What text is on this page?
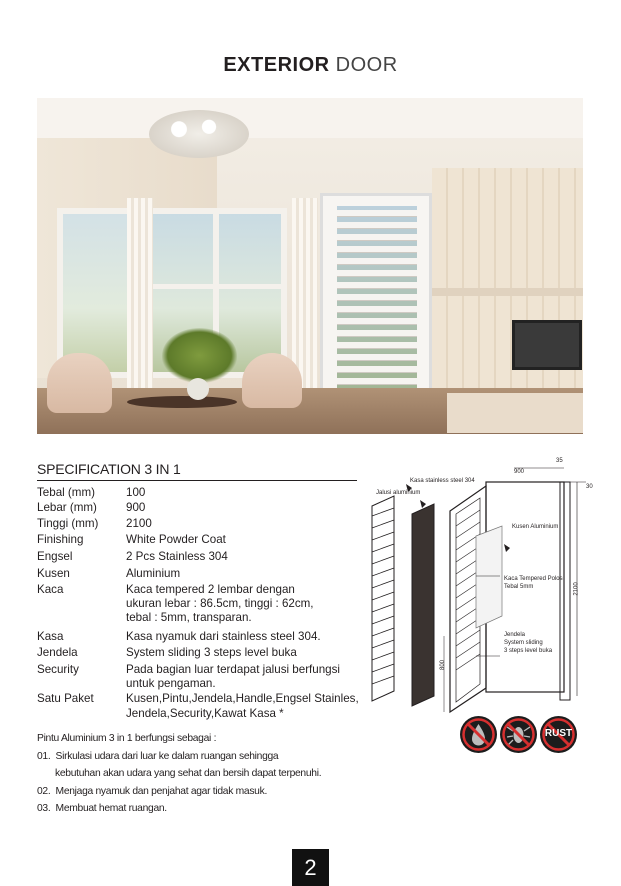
EXTERIOR DOOR
SPECIFICATION 3 IN 1
Tebal (mm)	100
Lebar (mm)	900
Tinggi (mm)	2100
Finishing	White Powder Coat
Engsel	2 Pcs Stainless 304
Kusen	Aluminium
Kaca	Kaca tempered 2 lembar dengan
ukuran lebar : 86.5cm, tinggi : 62cm,
tebal : 5mm, transparan.
Kasa	Kasa nyamuk dari stainless steel 304.
Jendela	System sliding 3 steps level buka
Security	Pada bagian luar terdapat jalusi berfungsi
untuk pengaman.
Satu Paket	Kusen,Pintu,Jendela,Handle,Engsel Stainles,
Jendela,Security,Kawat Kasa *
Pintu Aluminium 3 in 1 berfungsi sebagai :
01. Sirkulasi udara dari luar ke dalam ruangan sehingga
kebutuhan akan udara yang sehat dan bersih dapat terpenuhi.
02. Menjaga nyamuk dan penjahat agar tidak masuk.
03. Membuat hemat ruangan.
35
900
30
Kasa stainless steel 304
Jalusi aluminium
Kusen Aluminium
Kaca Tempered Polos
Tebal 5mm	2100
Jendela
System sliding
3 steps level buka
800
RUST
2
